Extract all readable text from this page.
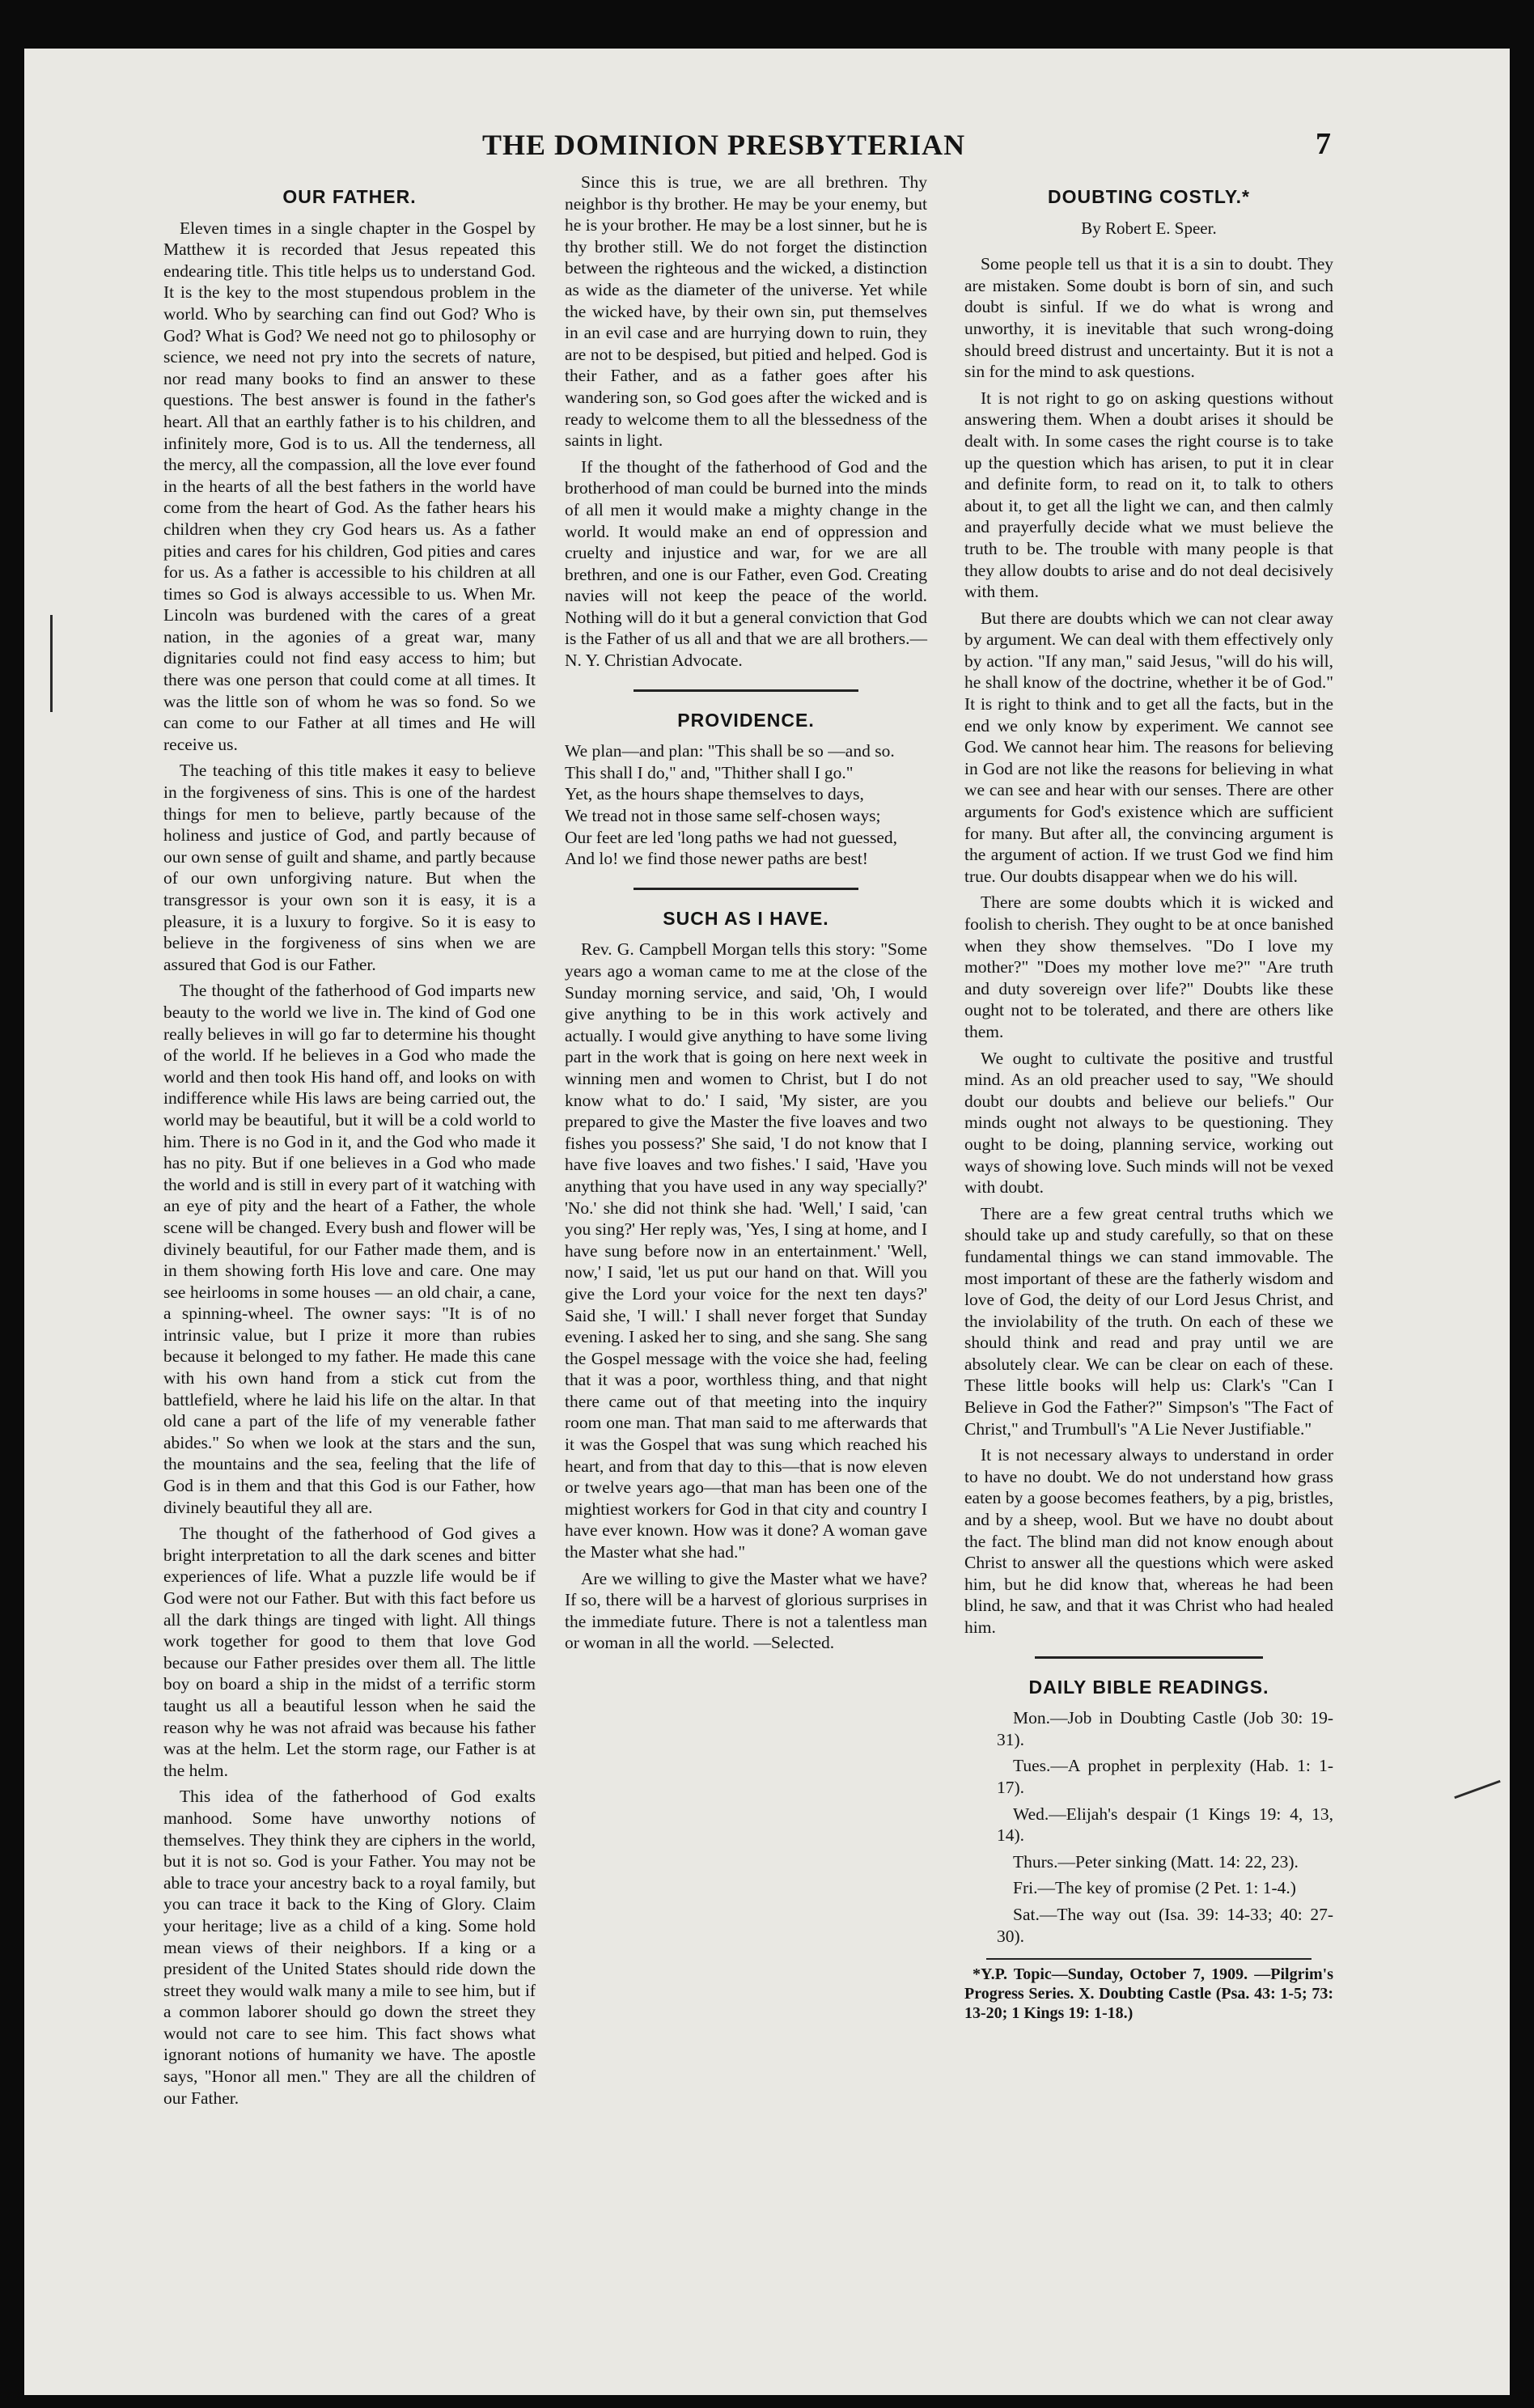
THE DOMINION PRESBYTERIAN	7
OUR FATHER.

Eleven times in a single chapter in the Gospel by Matthew it is recorded that Jesus repeated this endearing title. This title helps us to understand God. It is the key to the most stupendous problem in the world. Who by searching can find out God? Who is God? What is God? We need not go to philosophy or science, we need not pry into the secrets of nature, nor read many books to find an answer to these questions. The best answer is found in the father's heart. All that an earthly father is to his children, and infinitely more, God is to us. All the tenderness, all the mercy, all the compassion, all the love ever found in the hearts of all the best fathers in the world have come from the heart of God. As the father hears his children when they cry God hears us. As a father pities and cares for his children, God pities and cares for us. As a father is accessible to his children at all times so God is always accessible to us. When Mr. Lincoln was burdened with the cares of a great nation, in the agonies of a great war, many dignitaries could not find easy access to him; but there was one person that could come at all times. It was the little son of whom he was so fond. So we can come to our Father at all times and He will receive us.

The teaching of this title makes it easy to believe in the forgiveness of sins. This is one of the hardest things for men to believe, partly because of the holiness and justice of God, and partly because of our own sense of guilt and shame, and partly because of our own unforgiving nature. But when the transgressor is your own son it is easy, it is a pleasure, it is a luxury to forgive. So it is easy to believe in the forgiveness of sins when we are assured that God is our Father.

The thought of the fatherhood of God imparts new beauty to the world we live in. The kind of God one really believes in will go far to determine his thought of the world. If he believes in a God who made the world and then took His hand off, and looks on with indifference while His laws are being carried out, the world may be beautiful, but it will be a cold world to him. There is no God in it, and the God who made it has no pity. But if one believes in a God who made the world and is still in every part of it watching with an eye of pity and the heart of a Father, the whole scene will be changed. Every bush and flower will be divinely beautiful, for our Father made them, and is in them showing forth His love and care. One may see heirlooms in some houses — an old chair, a cane, a spinning-wheel. The owner says: "It is of no intrinsic value, but I prize it more than rubies because it belonged to my father. He made this cane with his own hand from a stick cut from the battlefield, where he laid his life on the altar. In that old cane a part of the life of my venerable father abides." So when we look at the stars and the sun, the mountains and the sea, feeling that the life of God is in them and that this God is our Father, how divinely beautiful they all are.

The thought of the fatherhood of God gives a bright interpretation to all the dark scenes and bitter experiences of life. What a puzzle life would be if God were not our Father. But with this fact before us all the dark things are tinged with light. All things work together for good to them that love God because our Father presides over them all. The little boy on board a ship in the midst of a terrific storm taught us all a beautiful lesson when he said the reason why he was not afraid was because his father was at the helm. Let the storm rage, our Father is at the helm.

This idea of the fatherhood of God exalts manhood. Some have unworthy notions of themselves. They think they are ciphers in the world, but it is not so. God is your Father. You may not be able to trace your ancestry back to a royal family, but you can trace it back to the King of Glory. Claim your heritage; live as a child of a king. Some hold mean views of their neighbors. If a king or a president of the United States should ride down the street they would walk many a mile to see him, but if a common laborer should go down the street they would not care to see him. This fact shows what ignorant notions of humanity we have. The apostle says, "Honor all men." They are all the children of our Father.

Since this is true, we are all brethren. Thy neighbor is thy brother. He may be your enemy, but he is your brother. He may be a lost sinner, but he is thy brother still. We do not forget the distinction between the righteous and the wicked, a distinction as wide as the diameter of the universe. Yet while the wicked have, by their own sin, put themselves in an evil case and are hurrying down to ruin, they are not to be despised, but pitied and helped. God is their Father, and as a father goes after his wandering son, so God goes after the wicked and is ready to welcome them to all the blessedness of the saints in light.

If the thought of the fatherhood of God and the brotherhood of man could be burned into the minds of all men it would make a mighty change in the world. It would make an end of oppression and cruelty and injustice and war, for we are all brethren, and one is our Father, even God. Creating navies will not keep the peace of the world. Nothing will do it but a general conviction that God is the Father of us all and that we are all brothers.—N. Y. Christian Advocate.

PROVIDENCE.

We plan—and plan: "This shall be so —and so.

This shall I do," and, "Thither shall I go."

Yet, as the hours shape themselves to days,

We tread not in those same self-chosen ways;

Our feet are led 'long paths we had not guessed,

And lo! we find those newer paths are best!

SUCH AS I HAVE.

Rev. G. Campbell Morgan tells this story: "Some years ago a woman came to me at the close of the Sunday morning service, and said, 'Oh, I would give anything to be in this work actively and actually. I would give anything to have some living part in the work that is going on here next week in winning men and women to Christ, but I do not know what to do.' I said, 'My sister, are you prepared to give the Master the five loaves and two fishes you possess?' She said, 'I do not know that I have five loaves and two fishes.' I said, 'Have you anything that you have used in any way specially?' 'No.' she did not think she had. 'Well,' I said, 'can you sing?' Her reply was, 'Yes, I sing at home, and I have sung before now in an entertainment.' 'Well, now,' I said, 'let us put our hand on that. Will you give the Lord your voice for the next ten days?' Said she, 'I will.' I shall never forget that Sunday evening. I asked her to sing, and she sang. She sang the Gospel message with the voice she had, feeling that it was a poor, worthless thing, and that night there came out of that meeting into the inquiry room one man. That man said to me afterwards that it was the Gospel that was sung which reached his heart, and from that day to this—that is now eleven or twelve years ago—that man has been one of the mightiest workers for God in that city and country I have ever known. How was it done? A woman gave the Master what she had."

Are we willing to give the Master what we have? If so, there will be a harvest of glorious surprises in the immediate future. There is not a talentless man or woman in all the world. —Selected.

DOUBTING COSTLY.*
By Robert E. Speer.

Some people tell us that it is a sin to doubt. They are mistaken. Some doubt is born of sin, and such doubt is sinful. If we do what is wrong and unworthy, it is inevitable that such wrong-doing should breed distrust and uncertainty. But it is not a sin for the mind to ask questions.

It is not right to go on asking questions without answering them. When a doubt arises it should be dealt with. In some cases the right course is to take up the question which has arisen, to put it in clear and definite form, to read on it, to talk to others about it, to get all the light we can, and then calmly and prayerfully decide what we must believe the truth to be. The trouble with many people is that they allow doubts to arise and do not deal decisively with them.

But there are doubts which we can not clear away by argument. We can deal with them effectively only by action. "If any man," said Jesus, "will do his will, he shall know of the doctrine, whether it be of God." It is right to think and to get all the facts, but in the end we only know by experiment. We cannot see God. We cannot hear him. The reasons for believing in God are not like the reasons for believing in what we can see and hear with our senses. There are other arguments for God's existence which are sufficient for many. But after all, the convincing argument is the argument of action. If we trust God we find him true. Our doubts disappear when we do his will.

There are some doubts which it is wicked and foolish to cherish. They ought to be at once banished when they show themselves. "Do I love my mother?" "Does my mother love me?" "Are truth and duty sovereign over life?" Doubts like these ought not to be tolerated, and there are others like them.

We ought to cultivate the positive and trustful mind. As an old preacher used to say, "We should doubt our doubts and believe our beliefs." Our minds ought not always to be questioning. They ought to be doing, planning service, working out ways of showing love. Such minds will not be vexed with doubt.

There are a few great central truths which we should take up and study carefully, so that on these fundamental things we can stand immovable. The most important of these are the fatherly wisdom and love of God, the deity of our Lord Jesus Christ, and the inviolability of the truth. On each of these we should think and read and pray until we are absolutely clear. We can be clear on each of these. These little books will help us: Clark's "Can I Believe in God the Father?" Simpson's "The Fact of Christ," and Trumbull's "A Lie Never Justifiable."

It is not necessary always to understand in order to have no doubt. We do not understand how grass eaten by a goose becomes feathers, by a pig, bristles, and by a sheep, wool. But we have no doubt about the fact. The blind man did not know enough about Christ to answer all the questions which were asked him, but he did know that, whereas he had been blind, he saw, and that it was Christ who had healed him.

DAILY BIBLE READINGS.

Mon.—Job in Doubting Castle (Job 30: 19-31).

Tues.—A prophet in perplexity (Hab. 1: 1-17).

Wed.—Elijah's despair (1 Kings 19: 4, 13, 14).

Thurs.—Peter sinking (Matt. 14: 22, 23).

Fri.—The key of promise (2 Pet. 1: 1-4.)

Sat.—The way out (Isa. 39: 14-33; 40: 27-30).

*Y.P. Topic—Sunday, October 7, 1909. —Pilgrim's Progress Series. X. Doubting Castle (Psa. 43: 1-5; 73: 13-20; 1 Kings 19: 1-18.)
